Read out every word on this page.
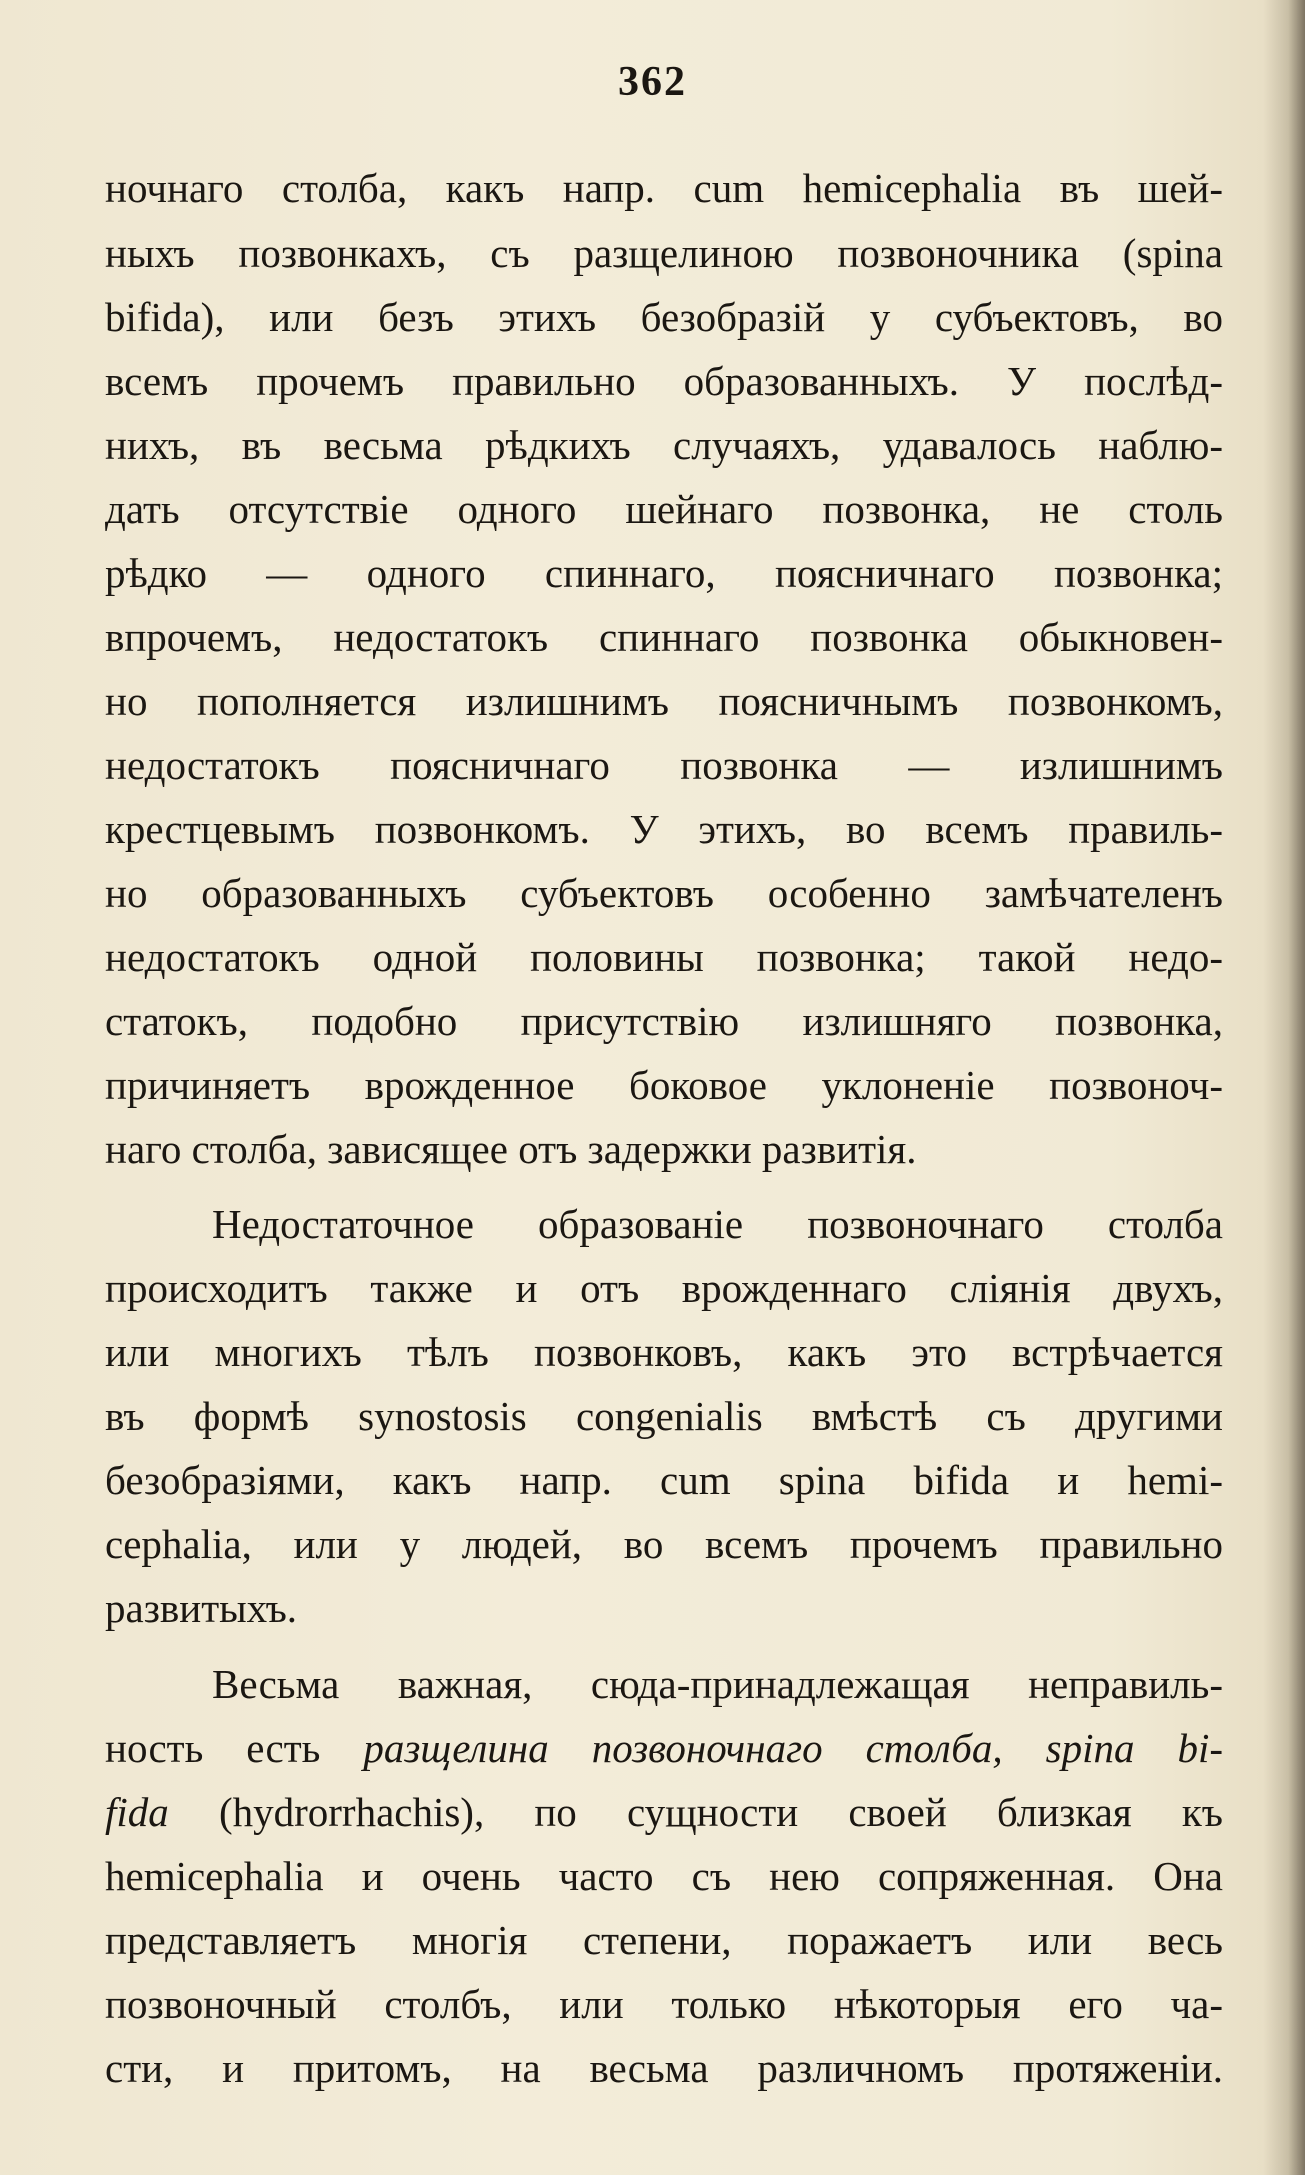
362
ночнаго столба, какъ напр. cum hemicephalia въ шей-
ныхъ позвонкахъ, съ разщелиною позвоночника (spina
bifida), или безъ этихъ безобразій у субъектовъ, во
всемъ прочемъ правильно образованныхъ. У послѣд-
нихъ, въ весьма рѣдкихъ случаяхъ, удавалось наблю-
дать отсутствіе одного шейнаго позвонка, не столь
рѣдко — одного спиннаго, поясничнаго позвонка;
впрочемъ, недостатокъ спиннаго позвонка обыкновен-
но пополняется излишнимъ поясничнымъ позвонкомъ,
недостатокъ поясничнаго позвонка — излишнимъ
крестцевымъ позвонкомъ. У этихъ, во всемъ правиль-
но образованныхъ субъектовъ особенно замѣчателенъ
недостатокъ одной половины позвонка; такой недо-
статокъ, подобно присутствію излишняго позвонка,
причиняетъ врожденное боковое уклоненіе позвоноч-
наго столба, зависящее отъ задержки развитія.
Недостаточное образованіе позвоночнаго столба
происходитъ также и отъ врожденнаго слiянія двухъ,
или многихъ тѣлъ позвонковъ, какъ это встрѣчается
въ формѣ synostosis congenialis вмѣстѣ съ другими
безобразіями, какъ напр. cum spina bifida и hemi-
cephalia, или у людей, во всемъ прочемъ правильно
развитыхъ.
Весьма важная, сюда-принадлежащая неправиль-
ность есть разщелина позвоночнаго столба, spina bi-
fida (hydrorrhachis), по сущности своей близкая къ
hemicephalia и очень часто съ нею сопряженная. Она
представляетъ многія степени, поражаетъ или весь
позвоночный столбъ, или только нѣкоторыя его ча-
сти, и притомъ, на весьма различномъ протяженіи.
